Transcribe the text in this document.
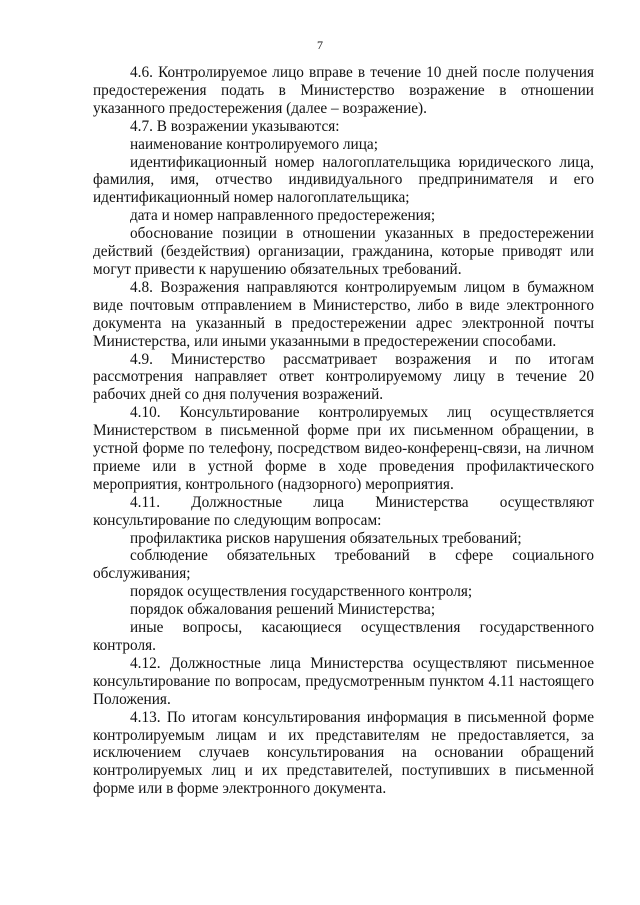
7

4.6. Контролируемое лицо вправе в течение 10 дней после получения предостережения подать в Министерство возражение в отношении указанного предостережения (далее – возражение).

4.7. В возражении указываются:

наименование контролируемого лица;

идентификационный номер налогоплательщика юридического лица, фамилия, имя, отчество индивидуального предпринимателя и его идентификационный номер налогоплательщика;

дата и номер направленного предостережения;

обоснование позиции в отношении указанных в предостережении действий (бездействия) организации, гражданина, которые приводят или могут привести к нарушению обязательных требований.

4.8. Возражения направляются контролируемым лицом в бумажном виде почтовым отправлением в Министерство, либо в виде электронного документа на указанный в предостережении адрес электронной почты Министерства, или иными указанными в предостережении способами.

4.9. Министерство рассматривает возражения и по итогам рассмотрения направляет ответ контролируемому лицу в течение 20 рабочих дней со дня получения возражений.

4.10. Консультирование контролируемых лиц осуществляется Министерством в письменной форме при их письменном обращении, в устной форме по телефону, посредством видео-конференц-связи, на личном приеме или в устной форме в ходе проведения профилактического мероприятия, контрольного (надзорного) мероприятия.

4.11. Должностные лица Министерства осуществляют консультирование по следующим вопросам:

профилактика рисков нарушения обязательных требований;

соблюдение обязательных требований в сфере социального обслуживания;

порядок осуществления государственного контроля;

порядок обжалования решений Министерства;

иные вопросы, касающиеся осуществления государственного контроля.

4.12. Должностные лица Министерства осуществляют письменное консультирование по вопросам, предусмотренным пунктом 4.11 настоящего Положения.

4.13. По итогам консультирования информация в письменной форме контролируемым лицам и их представителям не предоставляется, за исключением случаев консультирования на основании обращений контролируемых лиц и их представителей, поступивших в письменной форме или в форме электронного документа.
